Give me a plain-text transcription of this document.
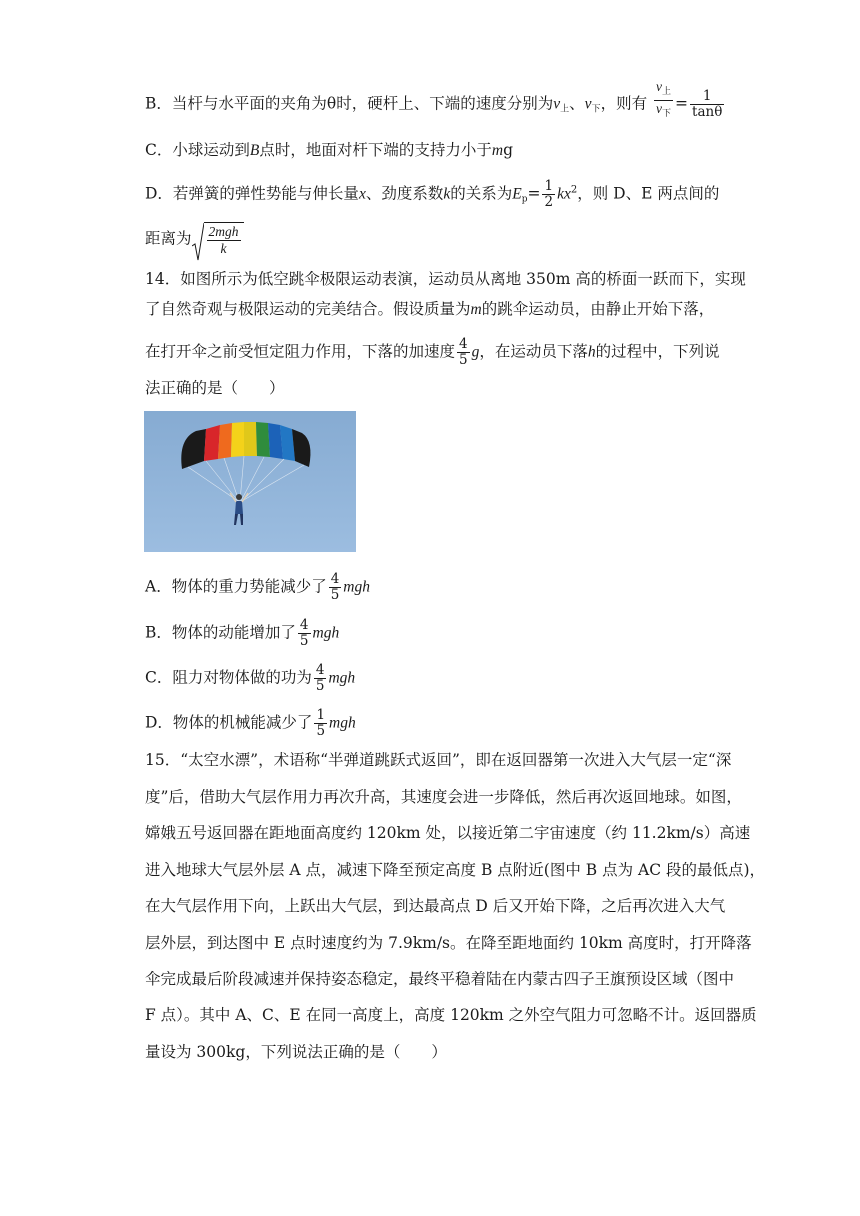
B．当杆与水平面的夹角为θ时，硬杆上、下端的速度分别为$v_上$、$v_下$，则有 $\frac{v_上}{v_下} = \frac{1}{\tan\theta}$
C．小球运动到B点时，地面对杆下端的支持力小于mg
D．若弹簧的弹性势能与伸长量x、劲度系数k的关系为$E_p= \frac{1}{2} kx^2$，则 D、E 两点间的
距离为 $\frac{\text{2mgh}}{k}$
14．如图所示为低空跳伞极限运动表演，运动员从离地 350m 高的桥面一跃而下，实现
了自然奇观与极限运动的完美结合。假设质量为m的跳伞运动员，由静止开始下落，
在打开伞之前受恒定阻力作用，下落的加速度 $\frac{4}{5}$ g，在运动员下落h的过程中，下列说
法正确的是（　　）
A．物体的重力势能减少了 $\frac{4}{5}$ mgh
B．物体的动能增加了 $\frac{4}{5}$ mgh
C．阻力对物体做的功为 $\frac{4}{5}$ mgh
D．物体的机械能减少了 $\frac{1}{5}$ mgh
15．“太空水漂”，术语称“半弹道跳跃式返回”，即在返回器第一次进入大气层一定“深
度”后，借助大气层作用力再次升高，其速度会进一步降低，然后再次返回地球。如图，
嫦娥五号返回器在距地面高度约 120km 处，以接近第二宇宙速度（约 11.2km/s）高速
进入地球大气层外层 A 点，减速下降至预定高度 B 点附近(图中 B 点为 AC 段的最低点)，
在大气层作用下向，上跃出大气层，到达最高点 D 后又开始下降，之后再次进入大气
层外层，到达图中 E 点时速度约为 7.9km/s。在降至距地面约 10km 高度时，打开降落
伞完成最后阶段减速并保持姿态稳定，最终平稳着陆在内蒙古四子王旗预设区域（图中
F 点）。其中 A、C、E 在同一高度上，高度 120km 之外空气阻力可忽略不计。返回器质
量设为 300kg，下列说法正确的是（　　）
